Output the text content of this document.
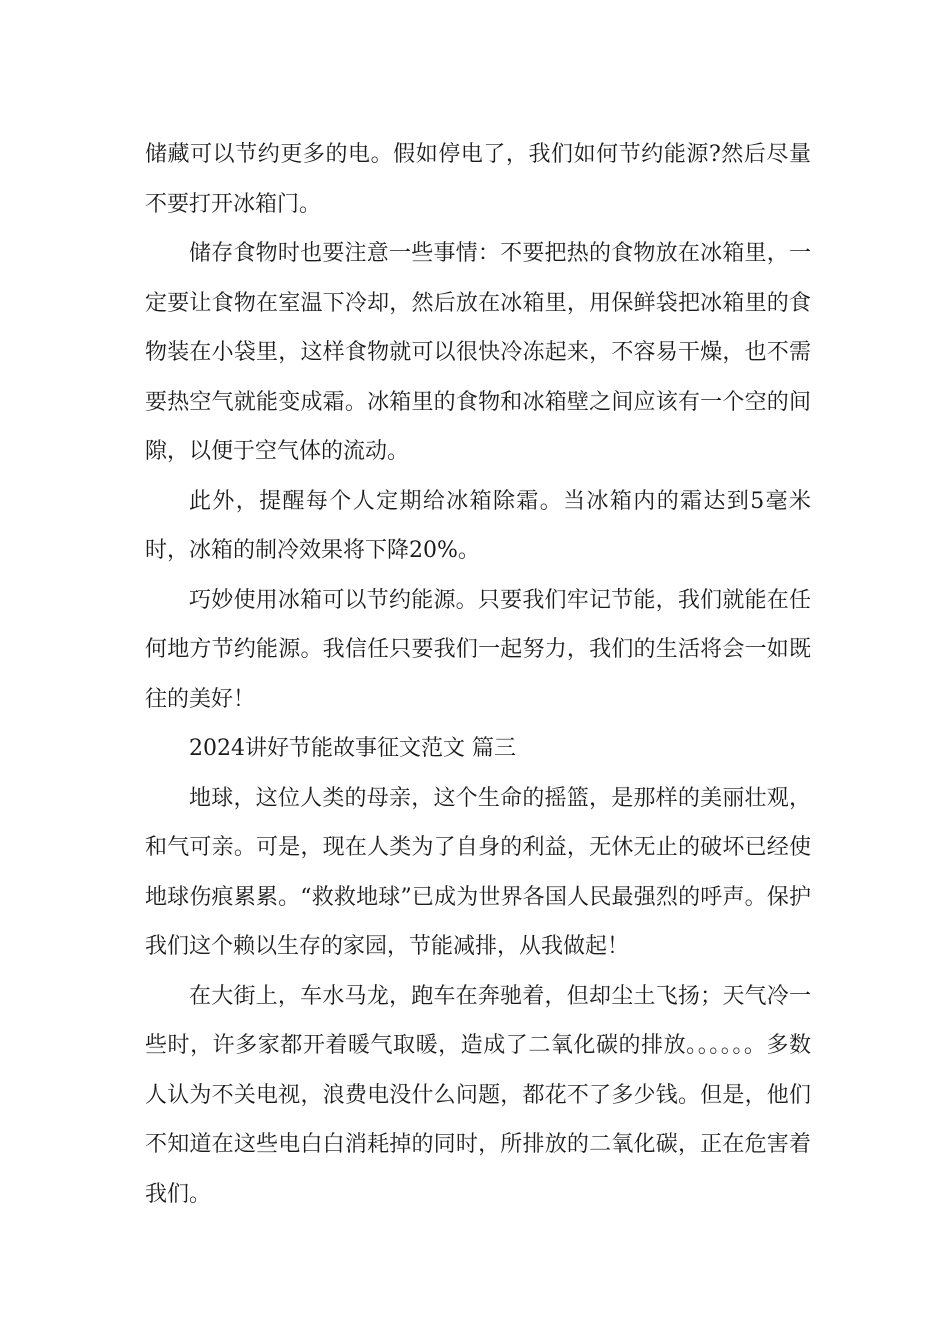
储藏可以节约更多的电。假如停电了，我们如何节约能源?然后尽量不要打开冰箱门。

储存食物时也要注意一些事情：不要把热的食物放在冰箱里，一定要让食物在室温下冷却，然后放在冰箱里，用保鲜袋把冰箱里的食物装在小袋里，这样食物就可以很快冷冻起来，不容易干燥，也不需要热空气就能变成霜。冰箱里的食物和冰箱壁之间应该有一个空的间隙，以便于空气体的流动。

此外，提醒每个人定期给冰箱除霜。当冰箱内的霜达到5毫米时，冰箱的制冷效果将下降20%。

巧妙使用冰箱可以节约能源。只要我们牢记节能，我们就能在任何地方节约能源。我信任只要我们一起努力，我们的生活将会一如既往的美好！

2024讲好节能故事征文范文 篇三

地球，这位人类的母亲，这个生命的摇篮，是那样的美丽壮观，和气可亲。可是，现在人类为了自身的利益，无休无止的破坏已经使地球伤痕累累。“救救地球”已成为世界各国人民最强烈的呼声。保护我们这个赖以生存的家园，节能减排，从我做起！

在大街上，车水马龙，跑车在奔驰着，但却尘土飞扬；天气冷一些时，许多家都开着暖气取暖，造成了二氧化碳的排放。。。。。。多数人认为不关电视，浪费电没什么问题，都花不了多少钱。但是，他们不知道在这些电白白消耗掉的同时，所排放的二氧化碳，正在危害着我们。
